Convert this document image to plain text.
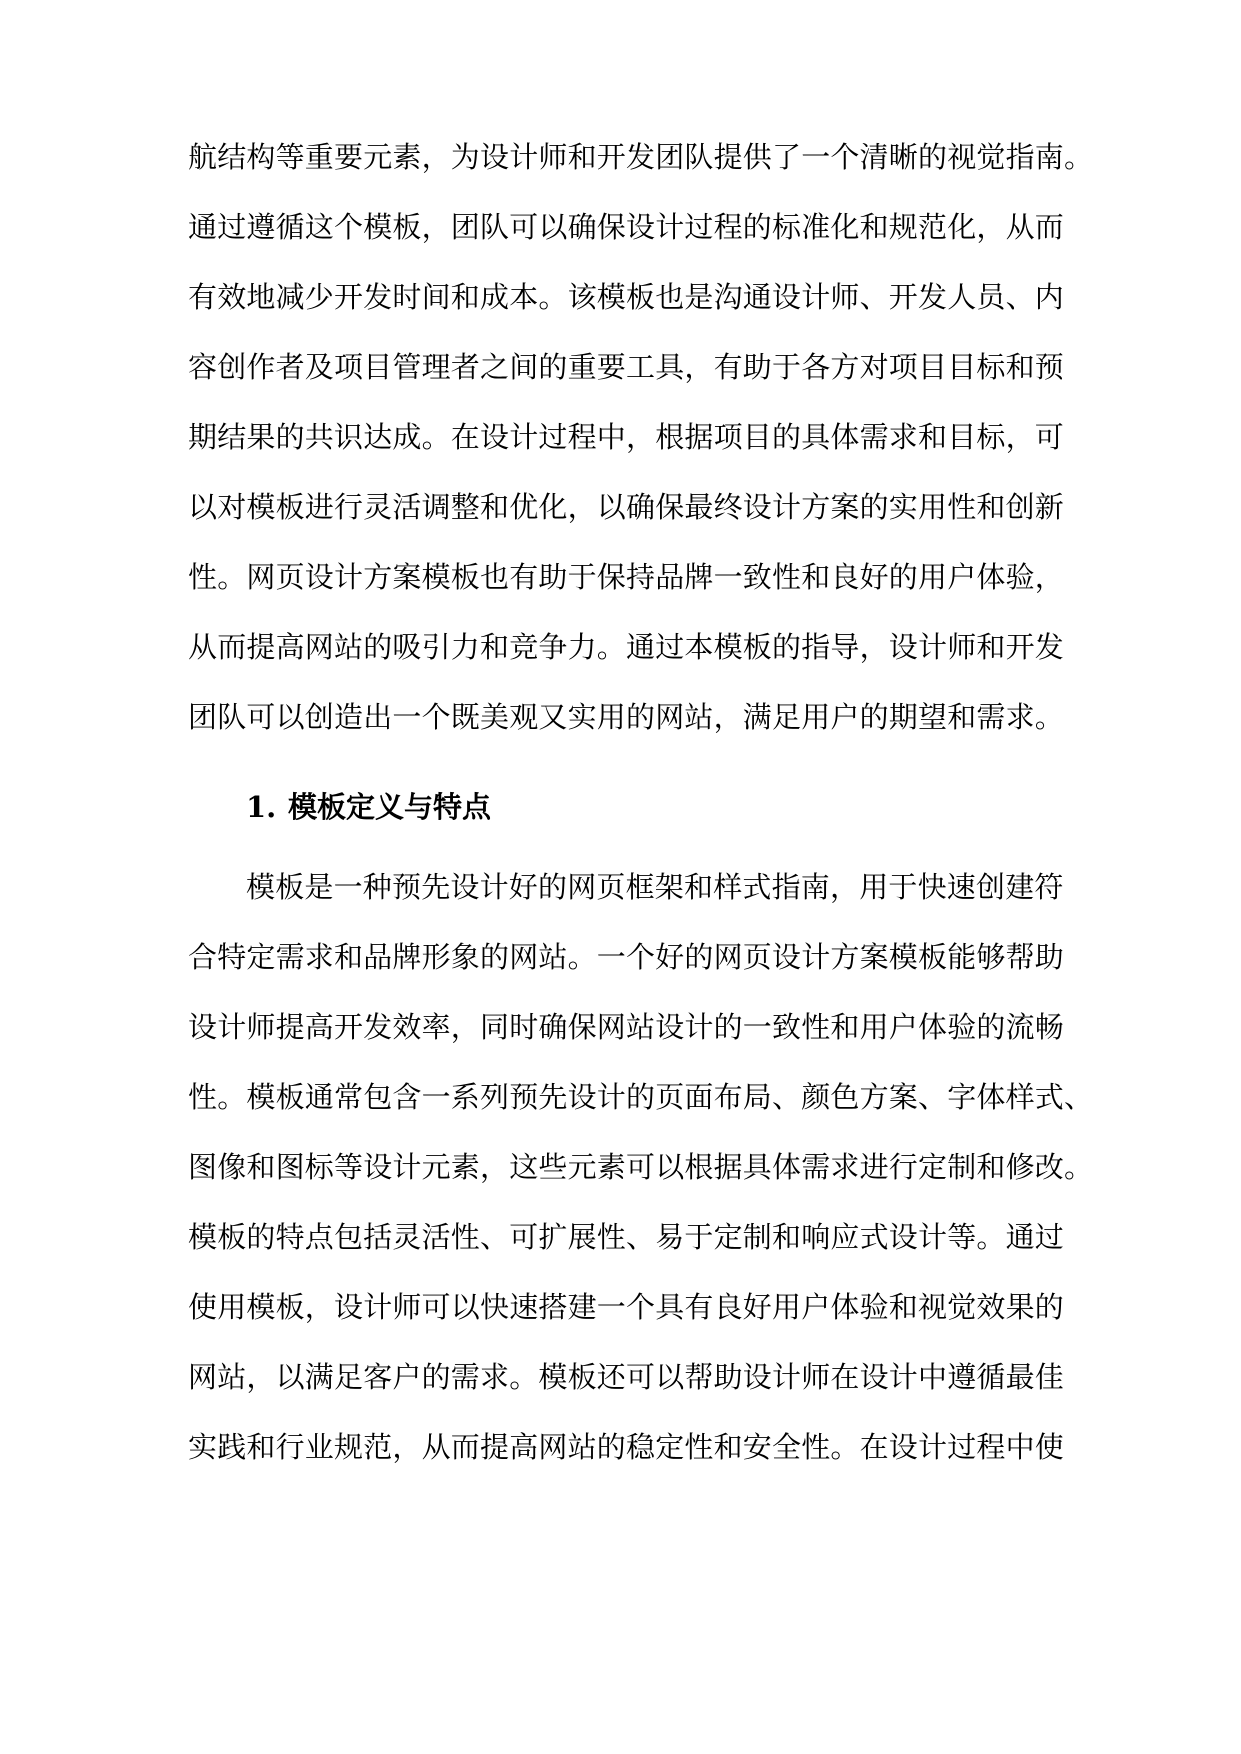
航结构等重要元素，为设计师和开发团队提供了一个清晰的视觉指南。
通过遵循这个模板，团队可以确保设计过程的标准化和规范化，从而
有效地减少开发时间和成本。该模板也是沟通设计师、开发人员、内
容创作者及项目管理者之间的重要工具，有助于各方对项目目标和预
期结果的共识达成。在设计过程中，根据项目的具体需求和目标，可
以对模板进行灵活调整和优化，以确保最终设计方案的实用性和创新
性。网页设计方案模板也有助于保持品牌一致性和良好的用户体验，
从而提高网站的吸引力和竞争力。通过本模板的指导，设计师和开发
团队可以创造出一个既美观又实用的网站，满足用户的期望和需求。
1. 模板定义与特点
模板是一种预先设计好的网页框架和样式指南，用于快速创建符
合特定需求和品牌形象的网站。一个好的网页设计方案模板能够帮助
设计师提高开发效率，同时确保网站设计的一致性和用户体验的流畅
性。模板通常包含一系列预先设计的页面布局、颜色方案、字体样式、
图像和图标等设计元素，这些元素可以根据具体需求进行定制和修改。
模板的特点包括灵活性、可扩展性、易于定制和响应式设计等。通过
使用模板，设计师可以快速搭建一个具有良好用户体验和视觉效果的
网站，以满足客户的需求。模板还可以帮助设计师在设计中遵循最佳
实践和行业规范，从而提高网站的稳定性和安全性。在设计过程中使
